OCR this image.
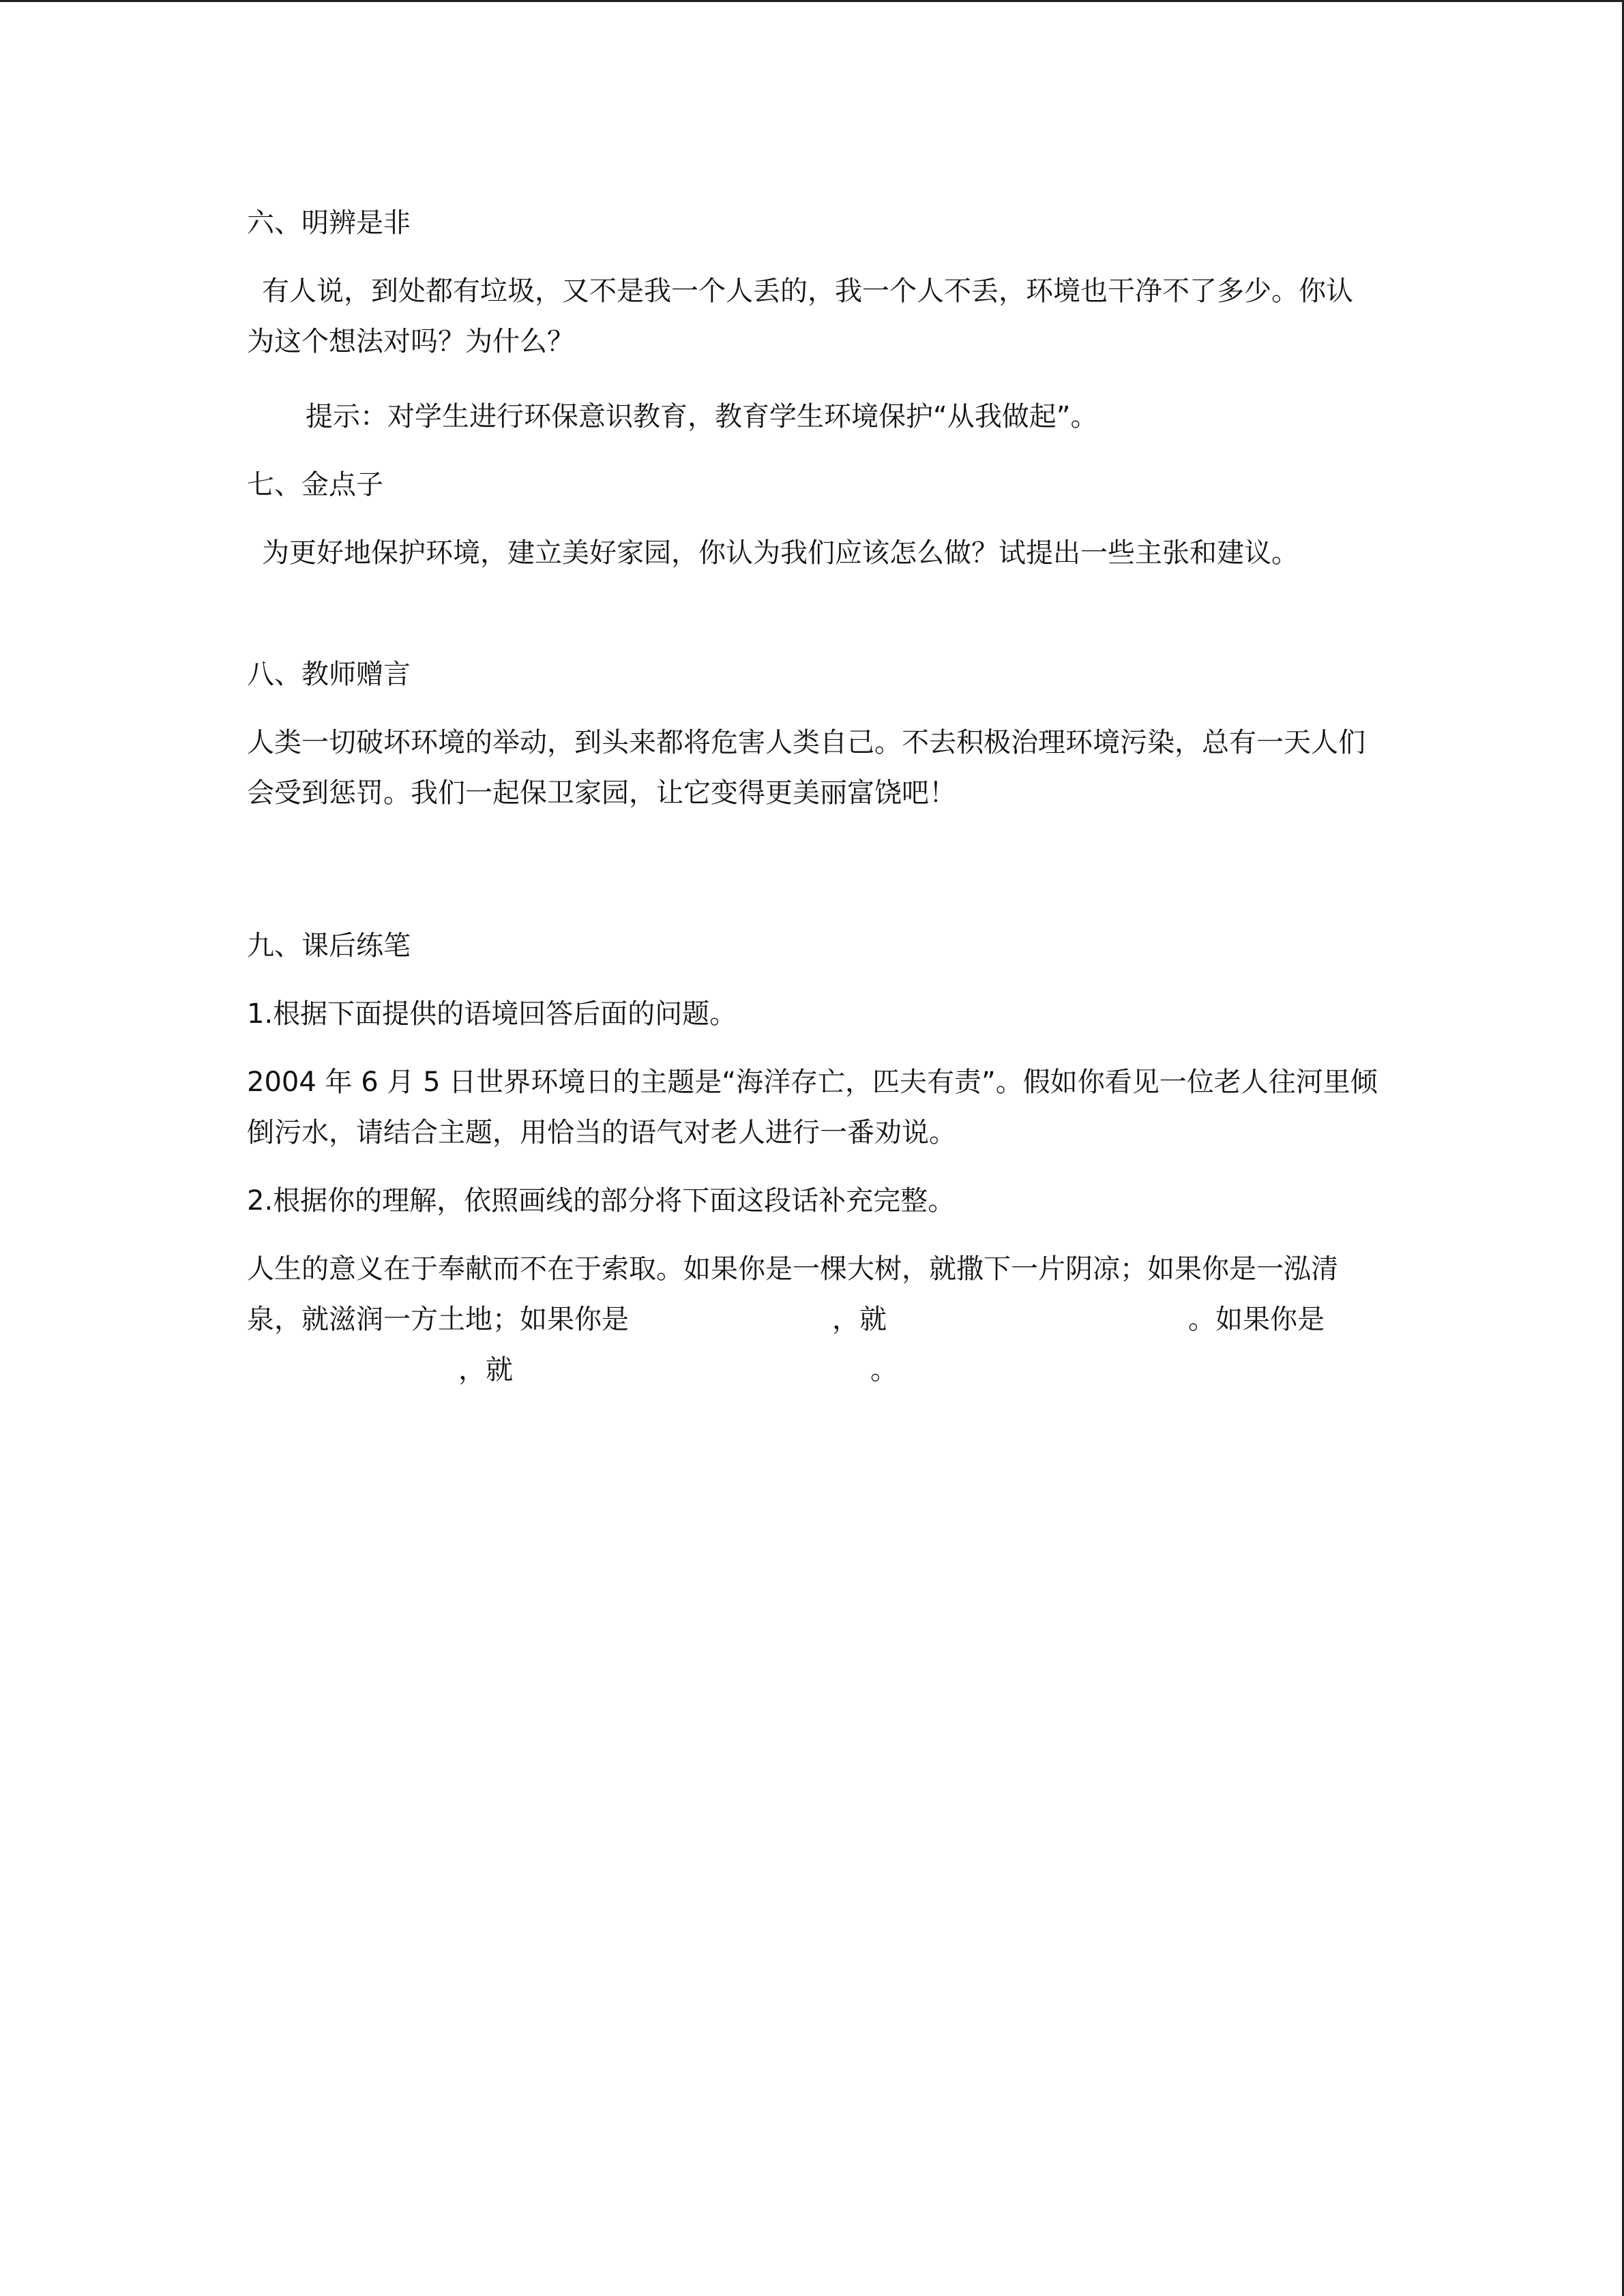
六、明辨是非

有人说，到处都有垃圾，又不是我一个人丢的，我一个人不丢，环境也干净不了多少。你认为这个想法对吗？为什么？

提示：对学生进行环保意识教育，教育学生环境保护“从我做起”。

七、金点子

为更好地保护环境，建立美好家园，你认为我们应该怎么做？试提出一些主张和建议。

八、教师赠言

人类一切破坏环境的举动，到头来都将危害人类自己。不去积极治理环境污染，总有一天人们会受到惩罚。我们一起保卫家园，让它变得更美丽富饶吧！

九、课后练笔

1.根据下面提供的语境回答后面的问题。

2004 年 6 月 5 日世界环境日的主题是“海洋存亡，匹夫有责”。假如你看见一位老人往河里倾倒污水，请结合主题，用恰当的语气对老人进行一番劝说。

2.根据你的理解，依照画线的部分将下面这段话补充完整。

人生的意义在于奉献而不在于索取。如果你是一棵大树，就撒下一片阴凉；如果你是一泓清泉，就滋润一方土地；如果你是	，就	。如果你是，就	。
